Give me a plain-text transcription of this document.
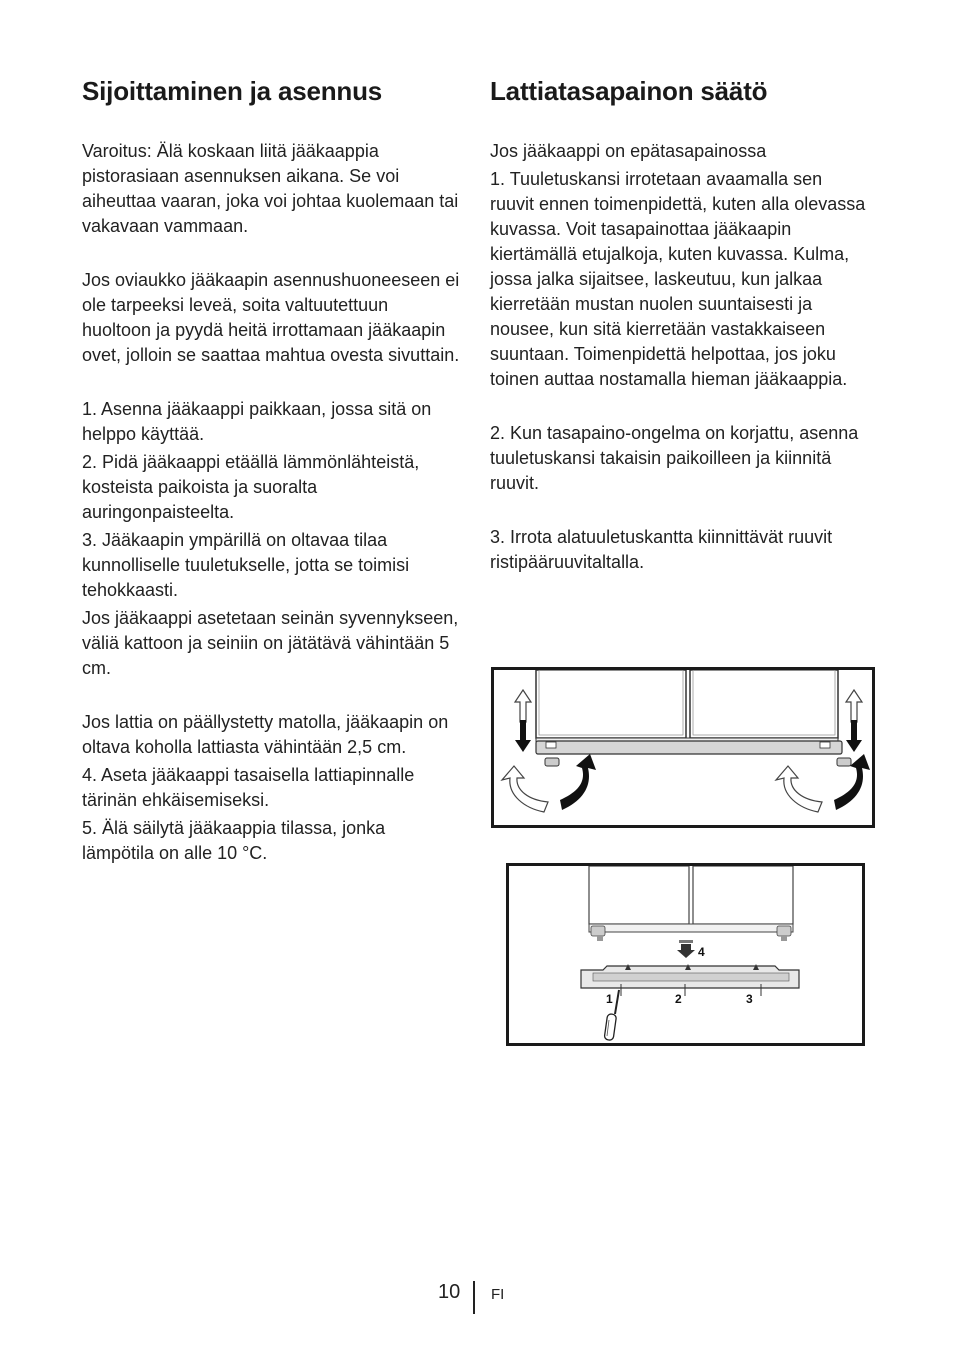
Sijoittaminen ja asennus

Varoitus: Älä koskaan liitä jääkaappia pistorasiaan asennuksen aikana. Se voi aiheuttaa vaaran, joka voi johtaa kuolemaan tai vakavaan vammaan.

Jos oviaukko jääkaapin asennushuoneeseen ei ole tarpeeksi leveä, soita valtuutettuun huoltoon ja pyydä heitä irrottamaan jääkaapin ovet, jolloin se saattaa mahtua ovesta sivuttain.

1. Asenna jääkaappi paikkaan, jossa sitä on helppo käyttää.

2. Pidä jääkaappi etäällä lämmönlähteistä, kosteista paikoista ja suoralta auringonpaisteelta.

3. Jääkaapin ympärillä on oltavaa tilaa kunnolliselle tuuletukselle, jotta se toimisi tehokkaasti.

Jos jääkaappi asetetaan seinän syvennykseen, väliä kattoon ja seiniin on jätätävä vähintään 5 cm.

Jos lattia on päällystetty matolla, jääkaapin on oltava koholla lattiasta vähintään 2,5 cm.

4. Aseta jääkaappi tasaisella lattiapinnalle tärinän ehkäisemiseksi.

5. Älä säilytä jääkaappia tilassa, jonka lämpötila on alle 10 °C.

Lattiatasapainon säätö

Jos jääkaappi on epätasapainossa

1. Tuuletuskansi irrotetaan avaamalla sen ruuvit ennen toimenpidettä, kuten alla olevassa kuvassa. Voit tasapainottaa jääkaapin kiertämällä etujalkoja, kuten kuvassa. Kulma, jossa jalka sijaitsee, laskeutuu, kun jalkaa kierretään mustan nuolen suuntaisesti ja nousee, kun sitä kierretään vastakkaiseen suuntaan. Toimenpidettä helpottaa, jos joku toinen auttaa nostamalla hieman jääkaappia.

2. Kun tasapaino-ongelma on korjattu, asenna tuuletuskansi takaisin paikoilleen ja kiinnitä ruuvit.

3. Irrota alatuuletuskantta kiinnittävät ruuvit ristipääruuvitaltalla.

4
1	2	3
10 FI
